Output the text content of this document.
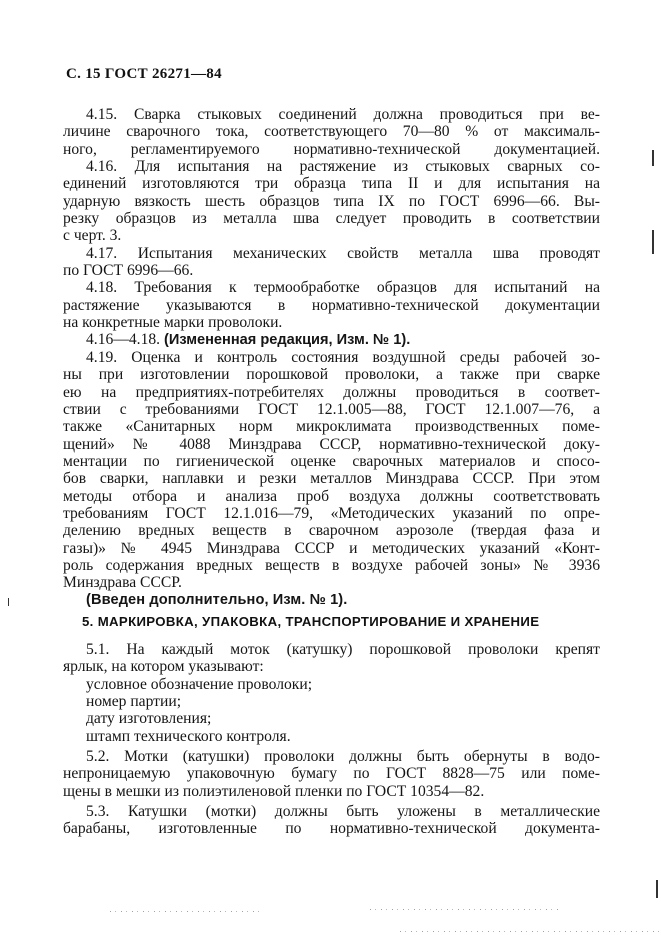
С. 15 ГОСТ 26271—84
4.15. Сварка стыковых соединений должна проводиться при ве-
личине сварочного тока, соответствующего 70—80 % от максималь-
ного, регламентируемого нормативно-технической документацией.
4.16. Для испытания на растяжение из стыковых сварных со-
единений изготовляются три образца типа II и для испытания на
ударную вязкость шесть образцов типа IX по ГОСТ 6996—66. Вы-
резку образцов из металла шва следует проводить в соответствии
с черт. 3.
4.17. Испытания механических свойств металла шва проводят
по ГОСТ 6996—66.
4.18. Требования к термообработке образцов для испытаний на
растяжение указываются в нормативно-технической документации
на конкретные марки проволоки.
4.16—4.18. (Измененная редакция, Изм. № 1).
4.19. Оценка и контроль состояния воздушной среды рабочей зо-
ны при изготовлении порошковой проволоки, а также при сварке
ею на предприятиях-потребителях должны проводиться в соответ-
ствии с требованиями ГОСТ 12.1.005—88, ГОСТ 12.1.007—76, а
также «Санитарных норм микроклимата производственных поме-
щений» № 4088 Минздрава СССР, нормативно-технической доку-
ментации по гигиенической оценке сварочных материалов и спосо-
бов сварки, наплавки и резки металлов Минздрава СССР. При этом
методы отбора и анализа проб воздуха должны соответствовать
требованиям ГОСТ 12.1.016—79, «Методических указаний по опре-
делению вредных веществ в сварочном аэрозоле (твердая фаза и
газы)» № 4945 Минздрава СССР и методических указаний «Конт-
роль содержания вредных веществ в воздухе рабочей зоны» № 3936
Минздрава СССР.
(Введен дополнительно, Изм. № 1).
5. МАРКИРОВКА, УПАКОВКА, ТРАНСПОРТИРОВАНИЕ И ХРАНЕНИЕ
5.1. На каждый моток (катушку) порошковой проволоки крепят
ярлык, на котором указывают:
условное обозначение проволоки;
номер партии;
дату изготовления;
штамп технического контроля.
5.2. Мотки (катушки) проволоки должны быть обернуты в водо-
непроницаемую упаковочную бумагу по ГОСТ 8828—75 или поме-
щены в мешки из полиэтиленовой пленки по ГОСТ 10354—82.
5.3. Катушки (мотки) должны быть уложены в металлические
барабаны, изготовленные по нормативно-технической документа-
